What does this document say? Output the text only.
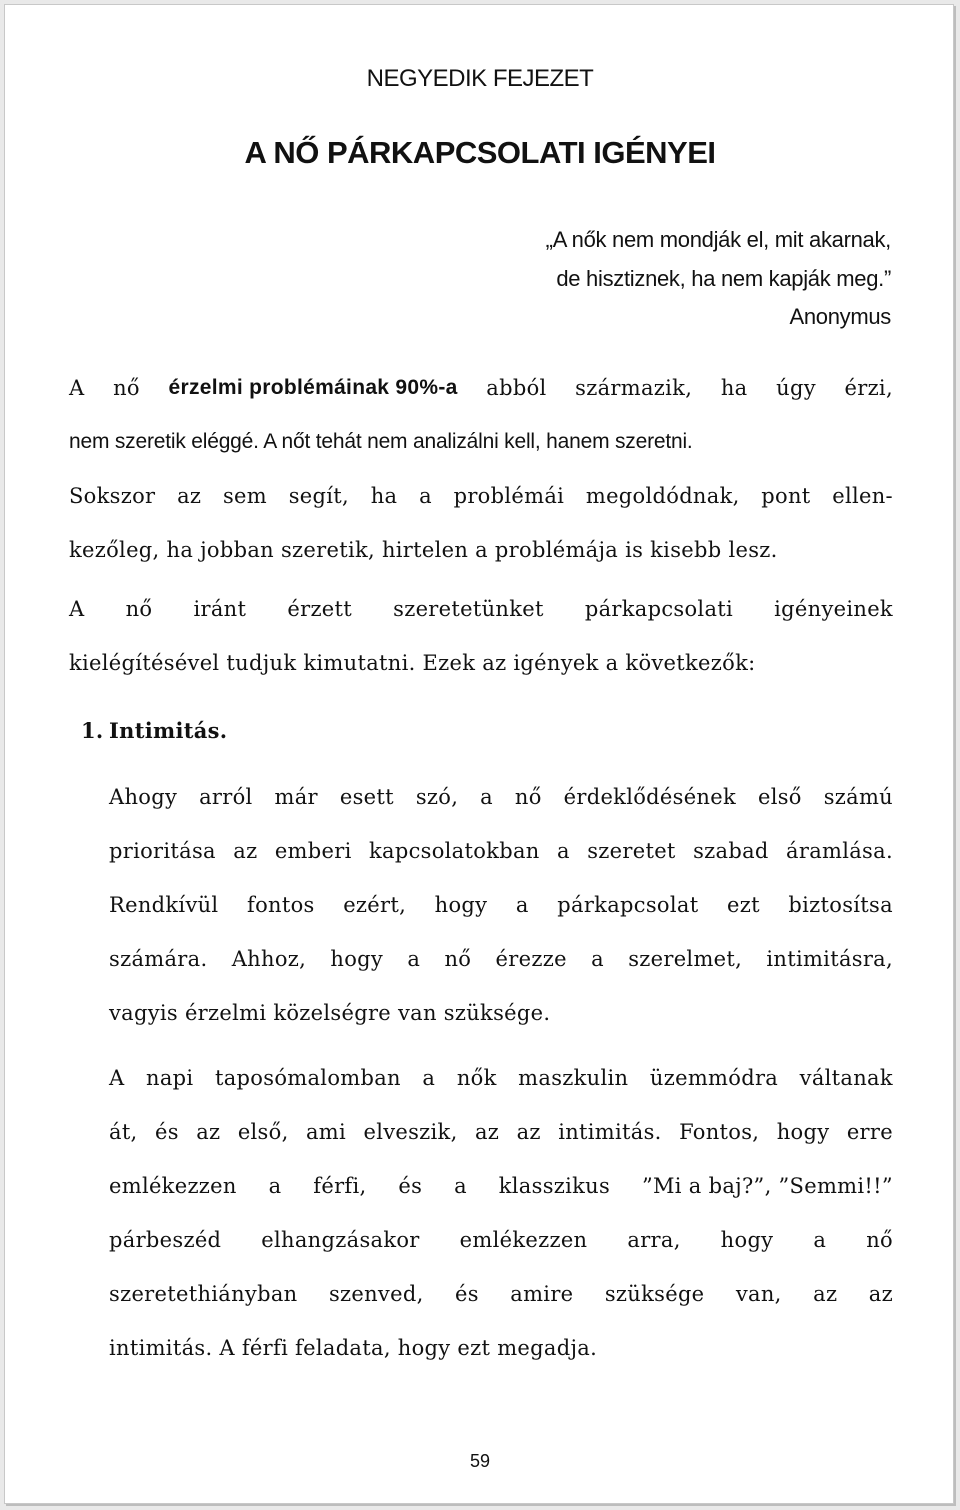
NEGYEDIK FEJEZET
A NŐ PÁRKAPCSOLATI IGÉNYEI
„A nők nem mondják el, mit akarnak,
de hisztiznek, ha nem kapják meg.”
Anonymus
A nő érzelmi problémáinak 90%-a abból származik, ha úgy érzi,
nem szeretik eléggé. A nőt tehát nem analizálni kell, hanem szeretni.
Sokszor az sem segít, ha a problémái megoldódnak, pont ellen-
kezőleg, ha jobban szeretik, hirtelen a problémája is kisebb lesz.
A nő iránt érzett szeretetünket párkapcsolati igényeinek
kielégítésével tudjuk kimutatni. Ezek az igények a következők:
1. Intimitás.
Ahogy arról már esett szó, a nő érdeklődésének első számú
prioritása az emberi kapcsolatokban a szeretet szabad áramlása.
Rendkívül fontos ezért, hogy a párkapcsolat ezt biztosítsa
számára. Ahhoz, hogy a nő érezze a szerelmet, intimitásra,
vagyis érzelmi közelségre van szüksége.
A napi taposómalomban a nők maszkulin üzemmódra váltanak
át, és az első, ami elveszik, az az intimitás. Fontos, hogy erre
emlékezzen a férfi, és a klasszikus ”Mi a baj?”, ”Semmi!!”
párbeszéd elhangzásakor emlékezzen arra, hogy a nő
szeretethiányban szenved, és amire szüksége van, az az
intimitás. A férfi feladata, hogy ezt megadja.
59
